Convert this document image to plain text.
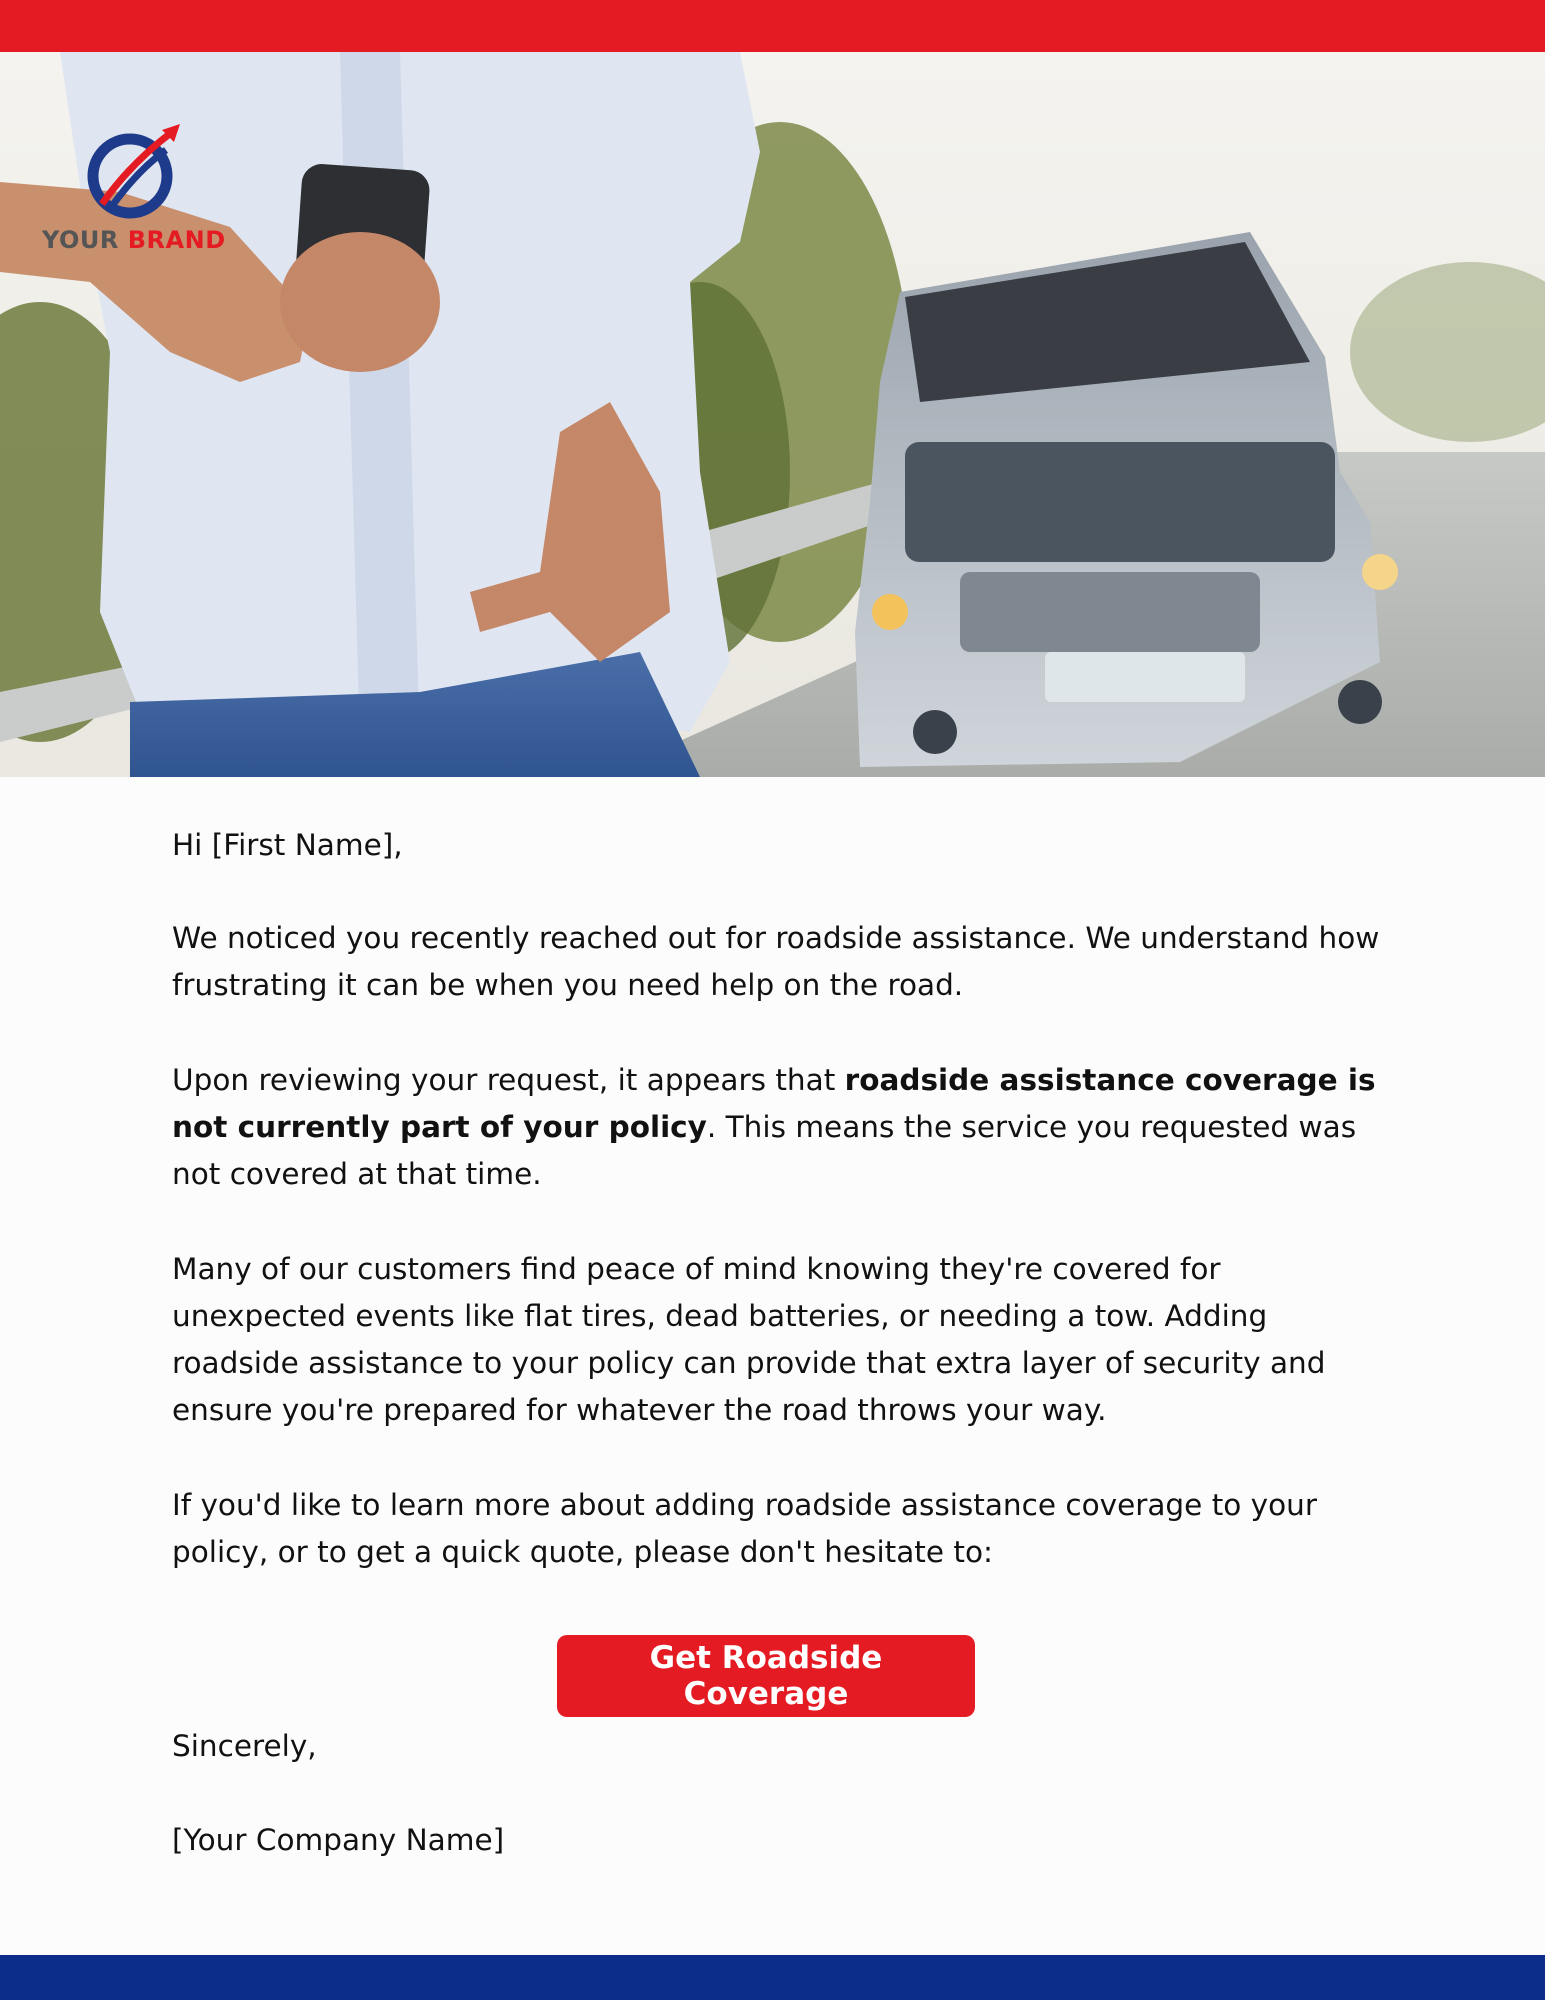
YOUR BRAND

Hi [First Name],

We noticed you recently reached out for roadside assistance. We understand how frustrating it can be when you need help on the road.

Upon reviewing your request, it appears that roadside assistance coverage is not currently part of your policy. This means the service you requested was not covered at that time.

Many of our customers find peace of mind knowing they're covered for unexpected events like flat tires, dead batteries, or needing a tow. Adding roadside assistance to your policy can provide that extra layer of security and ensure you're prepared for whatever the road throws your way.

If you'd like to learn more about adding roadside assistance coverage to your policy, or to get a quick quote, please don't hesitate to:

Get Roadside Coverage
Sincerely,
[Your Company Name]
